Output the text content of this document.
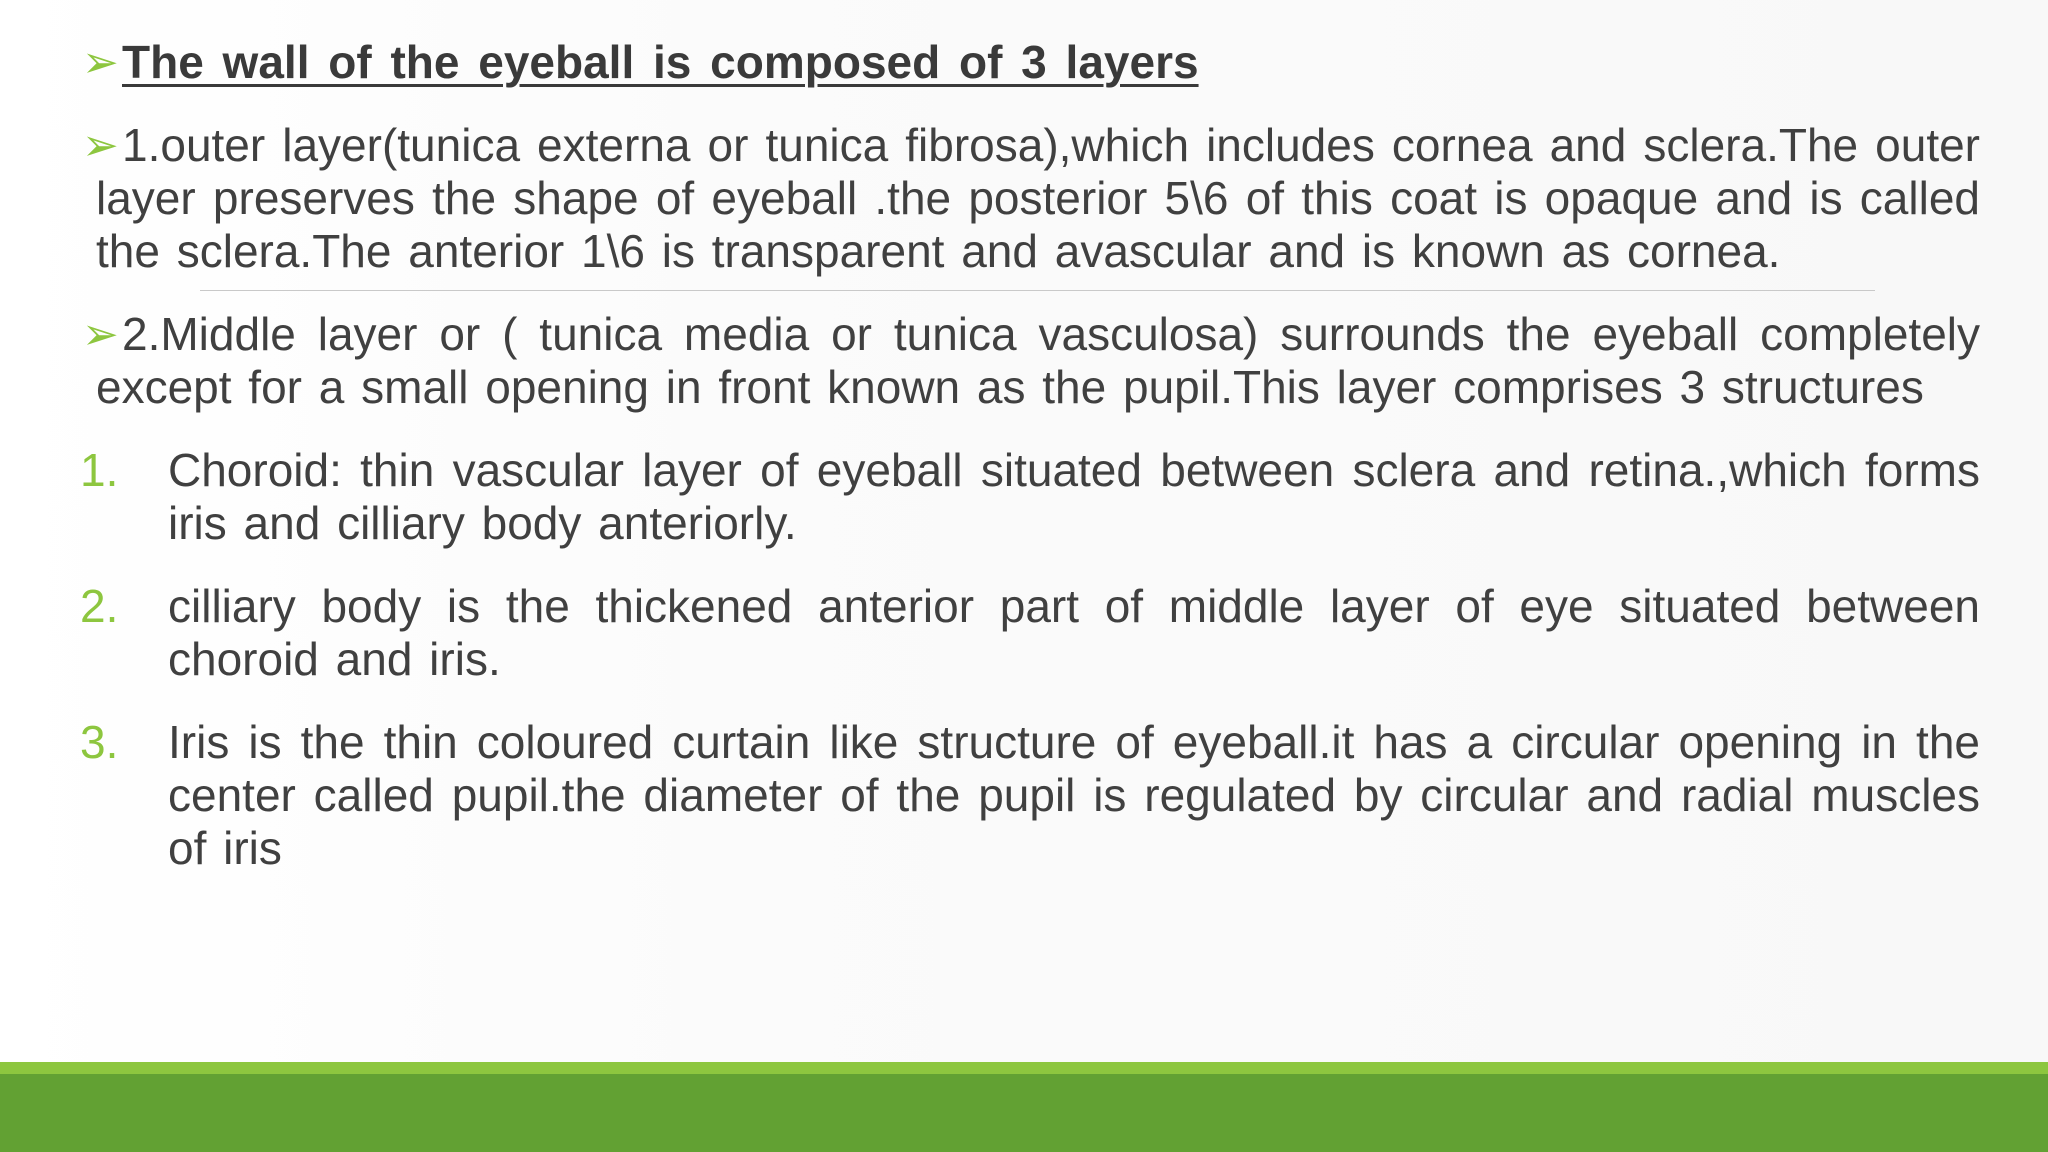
➢ The wall of the eyeball is composed of 3 layers
➢ 1.outer layer(tunica externa or tunica fibrosa),which includes cornea and sclera.The outer layer preserves the shape of eyeball .the posterior 5\6 of this coat is opaque and is called the sclera.The anterior 1\6 is transparent and avascular and is known as cornea.
➢ 2.Middle layer or ( tunica media or tunica vasculosa) surrounds the eyeball completely except for a small opening in front known as the pupil.This layer comprises 3 structures
1. Choroid: thin vascular layer of eyeball situated between sclera and retina.,which forms iris and cilliary body anteriorly.
2. cilliary body is the thickened anterior part of middle layer of eye situated between choroid and iris.
3. Iris is the thin coloured curtain like structure of eyeball.it has a circular opening in the center called pupil.the diameter of the pupil is regulated by circular and radial muscles of iris
